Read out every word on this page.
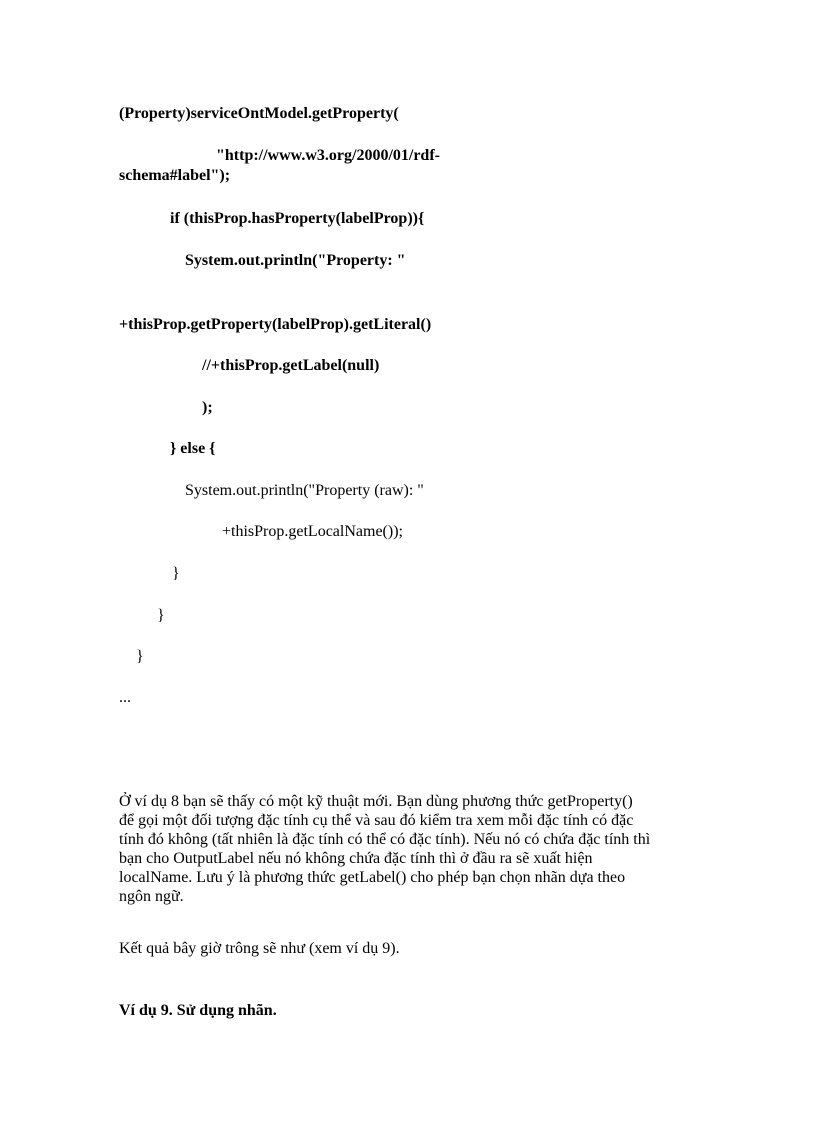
(Property)serviceOntModel.getProperty(
"http://www.w3.org/2000/01/rdf-
schema#label");
if (thisProp.hasProperty(labelProp)){
System.out.println("Property: "
+thisProp.getProperty(labelProp).getLiteral()
//+thisProp.getLabel(null)
);
} else {
System.out.println("Property (raw): "
+thisProp.getLocalName());
}
}
}
...

Ở ví dụ 8 bạn sẽ thấy có một kỹ thuật mới. Bạn dùng phương thức getProperty()

để gọi một đối tượng đặc tính cụ thể và sau đó kiểm tra xem mỗi đặc tính có đặc

tính đó không (tất nhiên là đặc tính có thể có đặc tính). Nếu nó có chứa đặc tính thì

bạn cho OutputLabel nếu nó không chứa đặc tính thì ở đầu ra sẽ xuất hiện

localName. Lưu ý là phương thức getLabel() cho phép bạn chọn nhãn dựa theo

ngôn ngữ.

Kết quả bây giờ trông sẽ như (xem ví dụ 9).
Ví dụ 9. Sử dụng nhãn.
